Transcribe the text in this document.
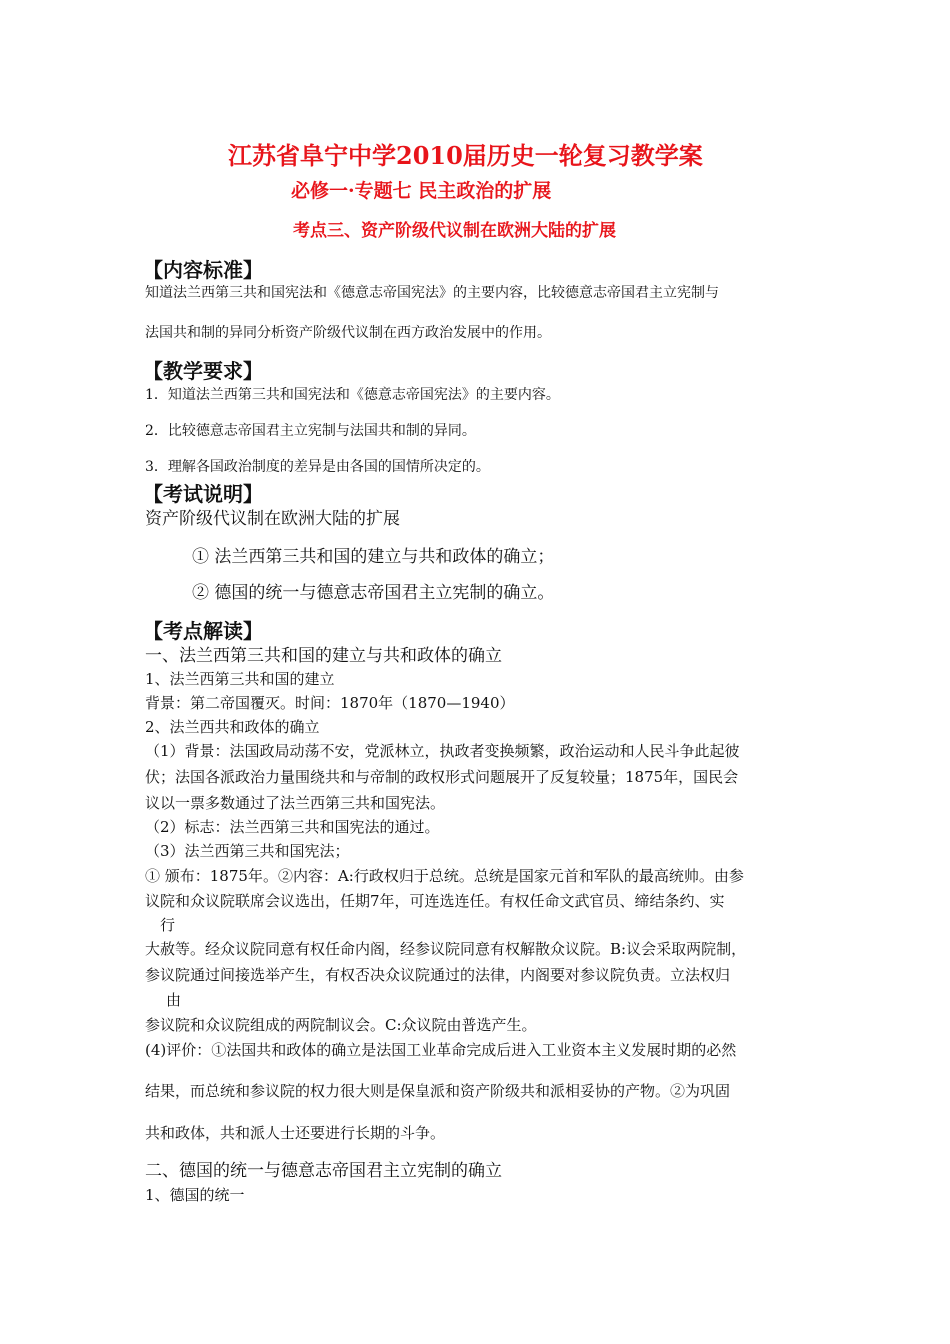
江苏省阜宁中学2010届历史一轮复习教学案
必修一·专题七 民主政治的扩展
考点三、资产阶级代议制在欧洲大陆的扩展
【内容标准】
知道法兰西第三共和国宪法和《德意志帝国宪法》的主要内容，比较德意志帝国君主立宪制与
法国共和制的异同分析资产阶级代议制在西方政治发展中的作用。
【教学要求】
1．知道法兰西第三共和国宪法和《德意志帝国宪法》的主要内容。
2．比较德意志帝国君主立宪制与法国共和制的异同。
3．理解各国政治制度的差异是由各国的国情所决定的。
【考试说明】
资产阶级代议制在欧洲大陆的扩展
① 法兰西第三共和国的建立与共和政体的确立；
② 德国的统一与德意志帝国君主立宪制的确立。
【考点解读】
一、法兰西第三共和国的建立与共和政体的确立
1、法兰西第三共和国的建立
背景：第二帝国覆灭。时间：1870年（1870—1940）
2、法兰西共和政体的确立
（1）背景：法国政局动荡不安，党派林立，执政者变换频繁，政治运动和人民斗争此起彼
伏；法国各派政治力量围绕共和与帝制的政权形式问题展开了反复较量；1875年，国民会
议以一票多数通过了法兰西第三共和国宪法。
（2）标志：法兰西第三共和国宪法的通过。
（3）法兰西第三共和国宪法；
① 颁布：1875年。②内容：A:行政权归于总统。总统是国家元首和军队的最高统帅。由参
议院和众议院联席会议选出，任期7年，可连选连任。有权任命文武官员、缔结条约、实
行
大赦等。经众议院同意有权任命内阁，经参议院同意有权解散众议院。B:议会采取两院制，
参议院通过间接选举产生，有权否决众议院通过的法律，内阁要对参议院负责。立法权归
由
参议院和众议院组成的两院制议会。C:众议院由普选产生。
(4)评价：①法国共和政体的确立是法国工业革命完成后进入工业资本主义发展时期的必然
结果，而总统和参议院的权力很大则是保皇派和资产阶级共和派相妥协的产物。②为巩固
共和政体，共和派人士还要进行长期的斗争。
二、德国的统一与德意志帝国君主立宪制的确立
1、德国的统一
